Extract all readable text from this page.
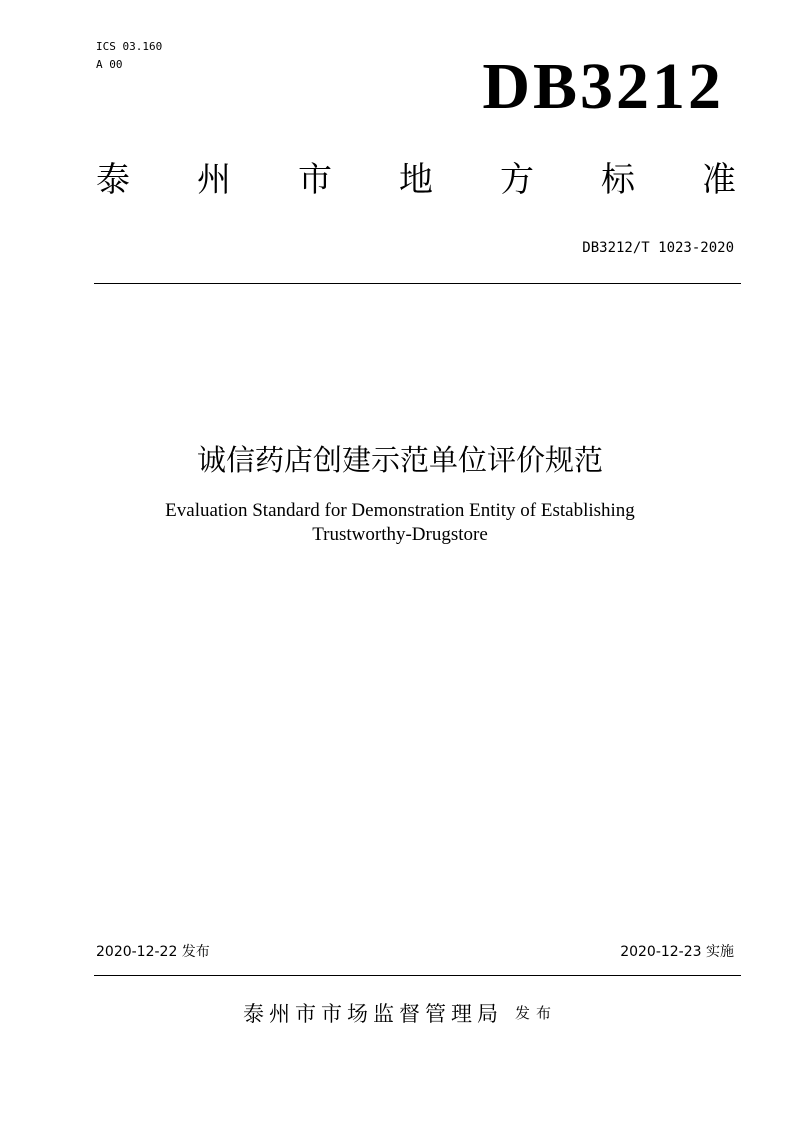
ICS 03.160
A 00	DB3212
泰 州 市 地 方 标 准
DB3212/T 1023-2020
诚信药店创建示范单位评价规范
Evaluation Standard for Demonstration Entity of Establishing
Trustworthy-Drugstore
2020-12-22 发布	2020-12-23 实施
泰州市市场监督管理局 发布
